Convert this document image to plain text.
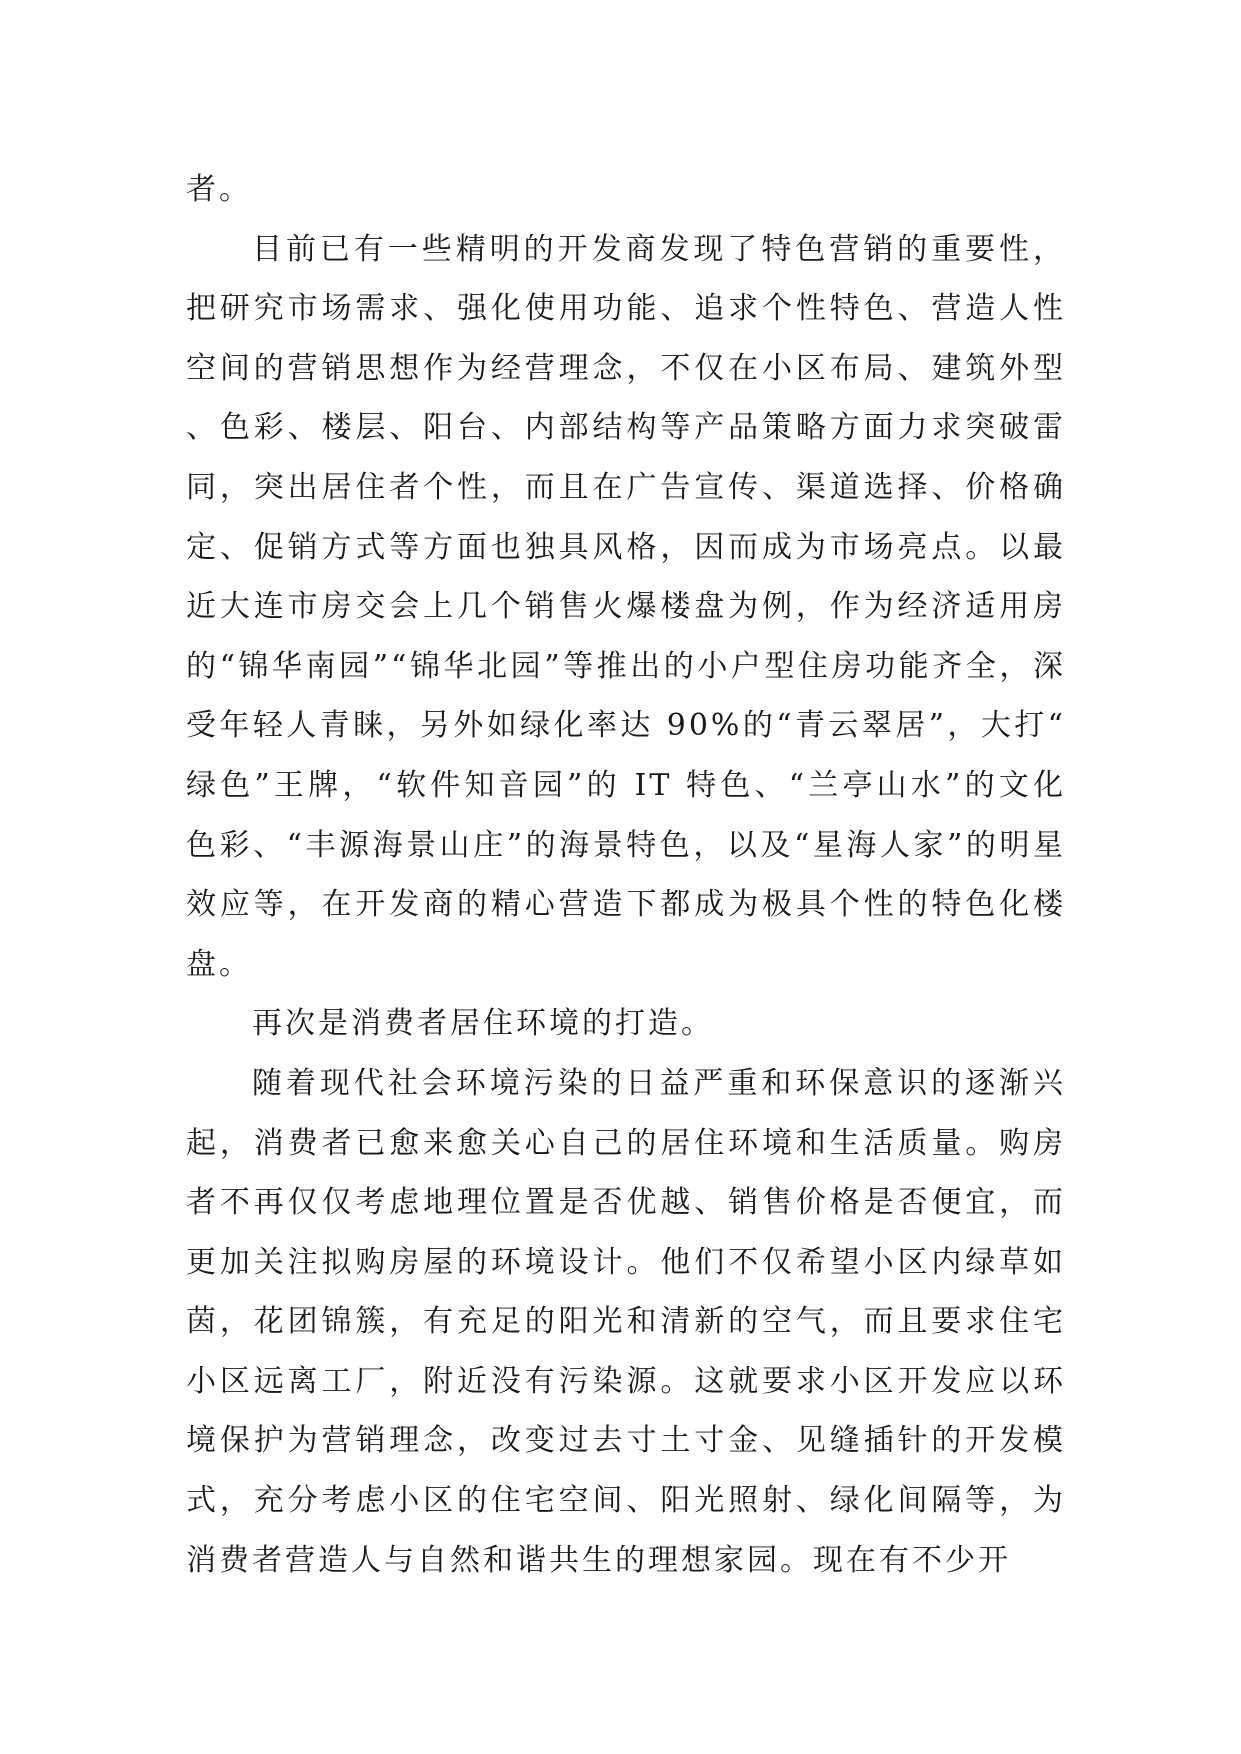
者。

目前已有一些精明的开发商发现了特色营销的重要性，把研究市场需求、强化使用功能、追求个性特色、营造人性空间的营销思想作为经营理念，不仅在小区布局、建筑外型、色彩、楼层、阳台、内部结构等产品策略方面力求突破雷同，突出居住者个性，而且在广告宣传、渠道选择、价格确定、促销方式等方面也独具风格，因而成为市场亮点。以最近大连市房交会上几个销售火爆楼盘为例，作为经济适用房的“锦华南园”“锦华北园”等推出的小户型住房功能齐全，深受年轻人青睐，另外如绿化率达 90%的“青云翠居”，大打“绿色”王牌，“软件知音园”的 IT 特色、“兰亭山水”的文化色彩、“丰源海景山庄”的海景特色，以及“星海人家”的明星效应等，在开发商的精心营造下都成为极具个性的特色化楼盘。

再次是消费者居住环境的打造。

随着现代社会环境污染的日益严重和环保意识的逐渐兴起，消费者已愈来愈关心自己的居住环境和生活质量。购房者不再仅仅考虑地理位置是否优越、销售价格是否便宜，而更加关注拟购房屋的环境设计。他们不仅希望小区内绿草如茵，花团锦簇，有充足的阳光和清新的空气，而且要求住宅小区远离工厂，附近没有污染源。这就要求小区开发应以环境保护为营销理念，改变过去寸土寸金、见缝插针的开发模式，充分考虑小区的住宅空间、阳光照射、绿化间隔等，为消费者营造人与自然和谐共生的理想家园。现在有不少开
